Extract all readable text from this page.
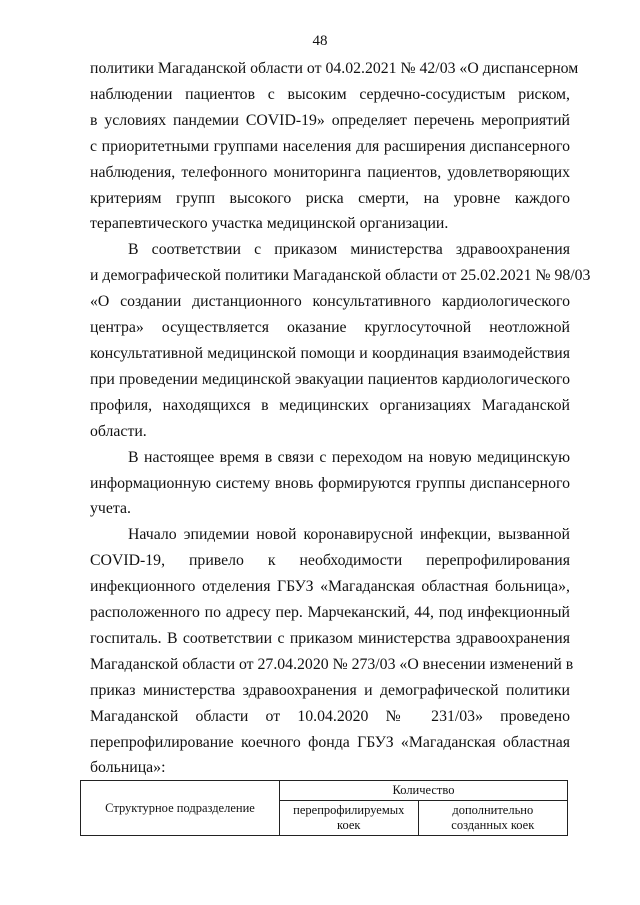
48

политики Магаданской области от 04.02.2021 № 42/03 «О диспансерном
наблюдении пациентов с высоким сердечно-сосудистым риском,
в условиях пандемии COVID-19» определяет перечень мероприятий
с приоритетными группами населения для расширения диспансерного
наблюдения, телефонного мониторинга пациентов, удовлетворяющих
критериям групп высокого риска смерти, на уровне каждого
терапевтического участка медицинской организации.

В соответствии с приказом министерства здравоохранения
и демографической политики Магаданской области от 25.02.2021 № 98/03
«О создании дистанционного консультативного кардиологического
центра» осуществляется оказание круглосуточной неотложной
консультативной медицинской помощи и координация взаимодействия
при проведении медицинской эвакуации пациентов кардиологического
профиля, находящихся в медицинских организациях Магаданской
области.

В настоящее время в связи с переходом на новую медицинскую
информационную систему вновь формируются группы диспансерного
учета.

Начало эпидемии новой коронавирусной инфекции, вызванной
COVID-19, привело к необходимости перепрофилирования
инфекционного отделения ГБУЗ «Магаданская областная больница»,
расположенного по адресу пер. Марчеканский, 44, под инфекционный
госпиталь. В соответствии с приказом министерства здравоохранения
Магаданской области от 27.04.2020 № 273/03 «О внесении изменений в
приказ министерства здравоохранения и демографической политики
Магаданской области от 10.04.2020 № 231/03» проведено
перепрофилирование коечного фонда ГБУЗ «Магаданская областная
больница»:

Структурное подразделение	Количество	
	перепрофилируемых коек	дополнительно созданных коек
